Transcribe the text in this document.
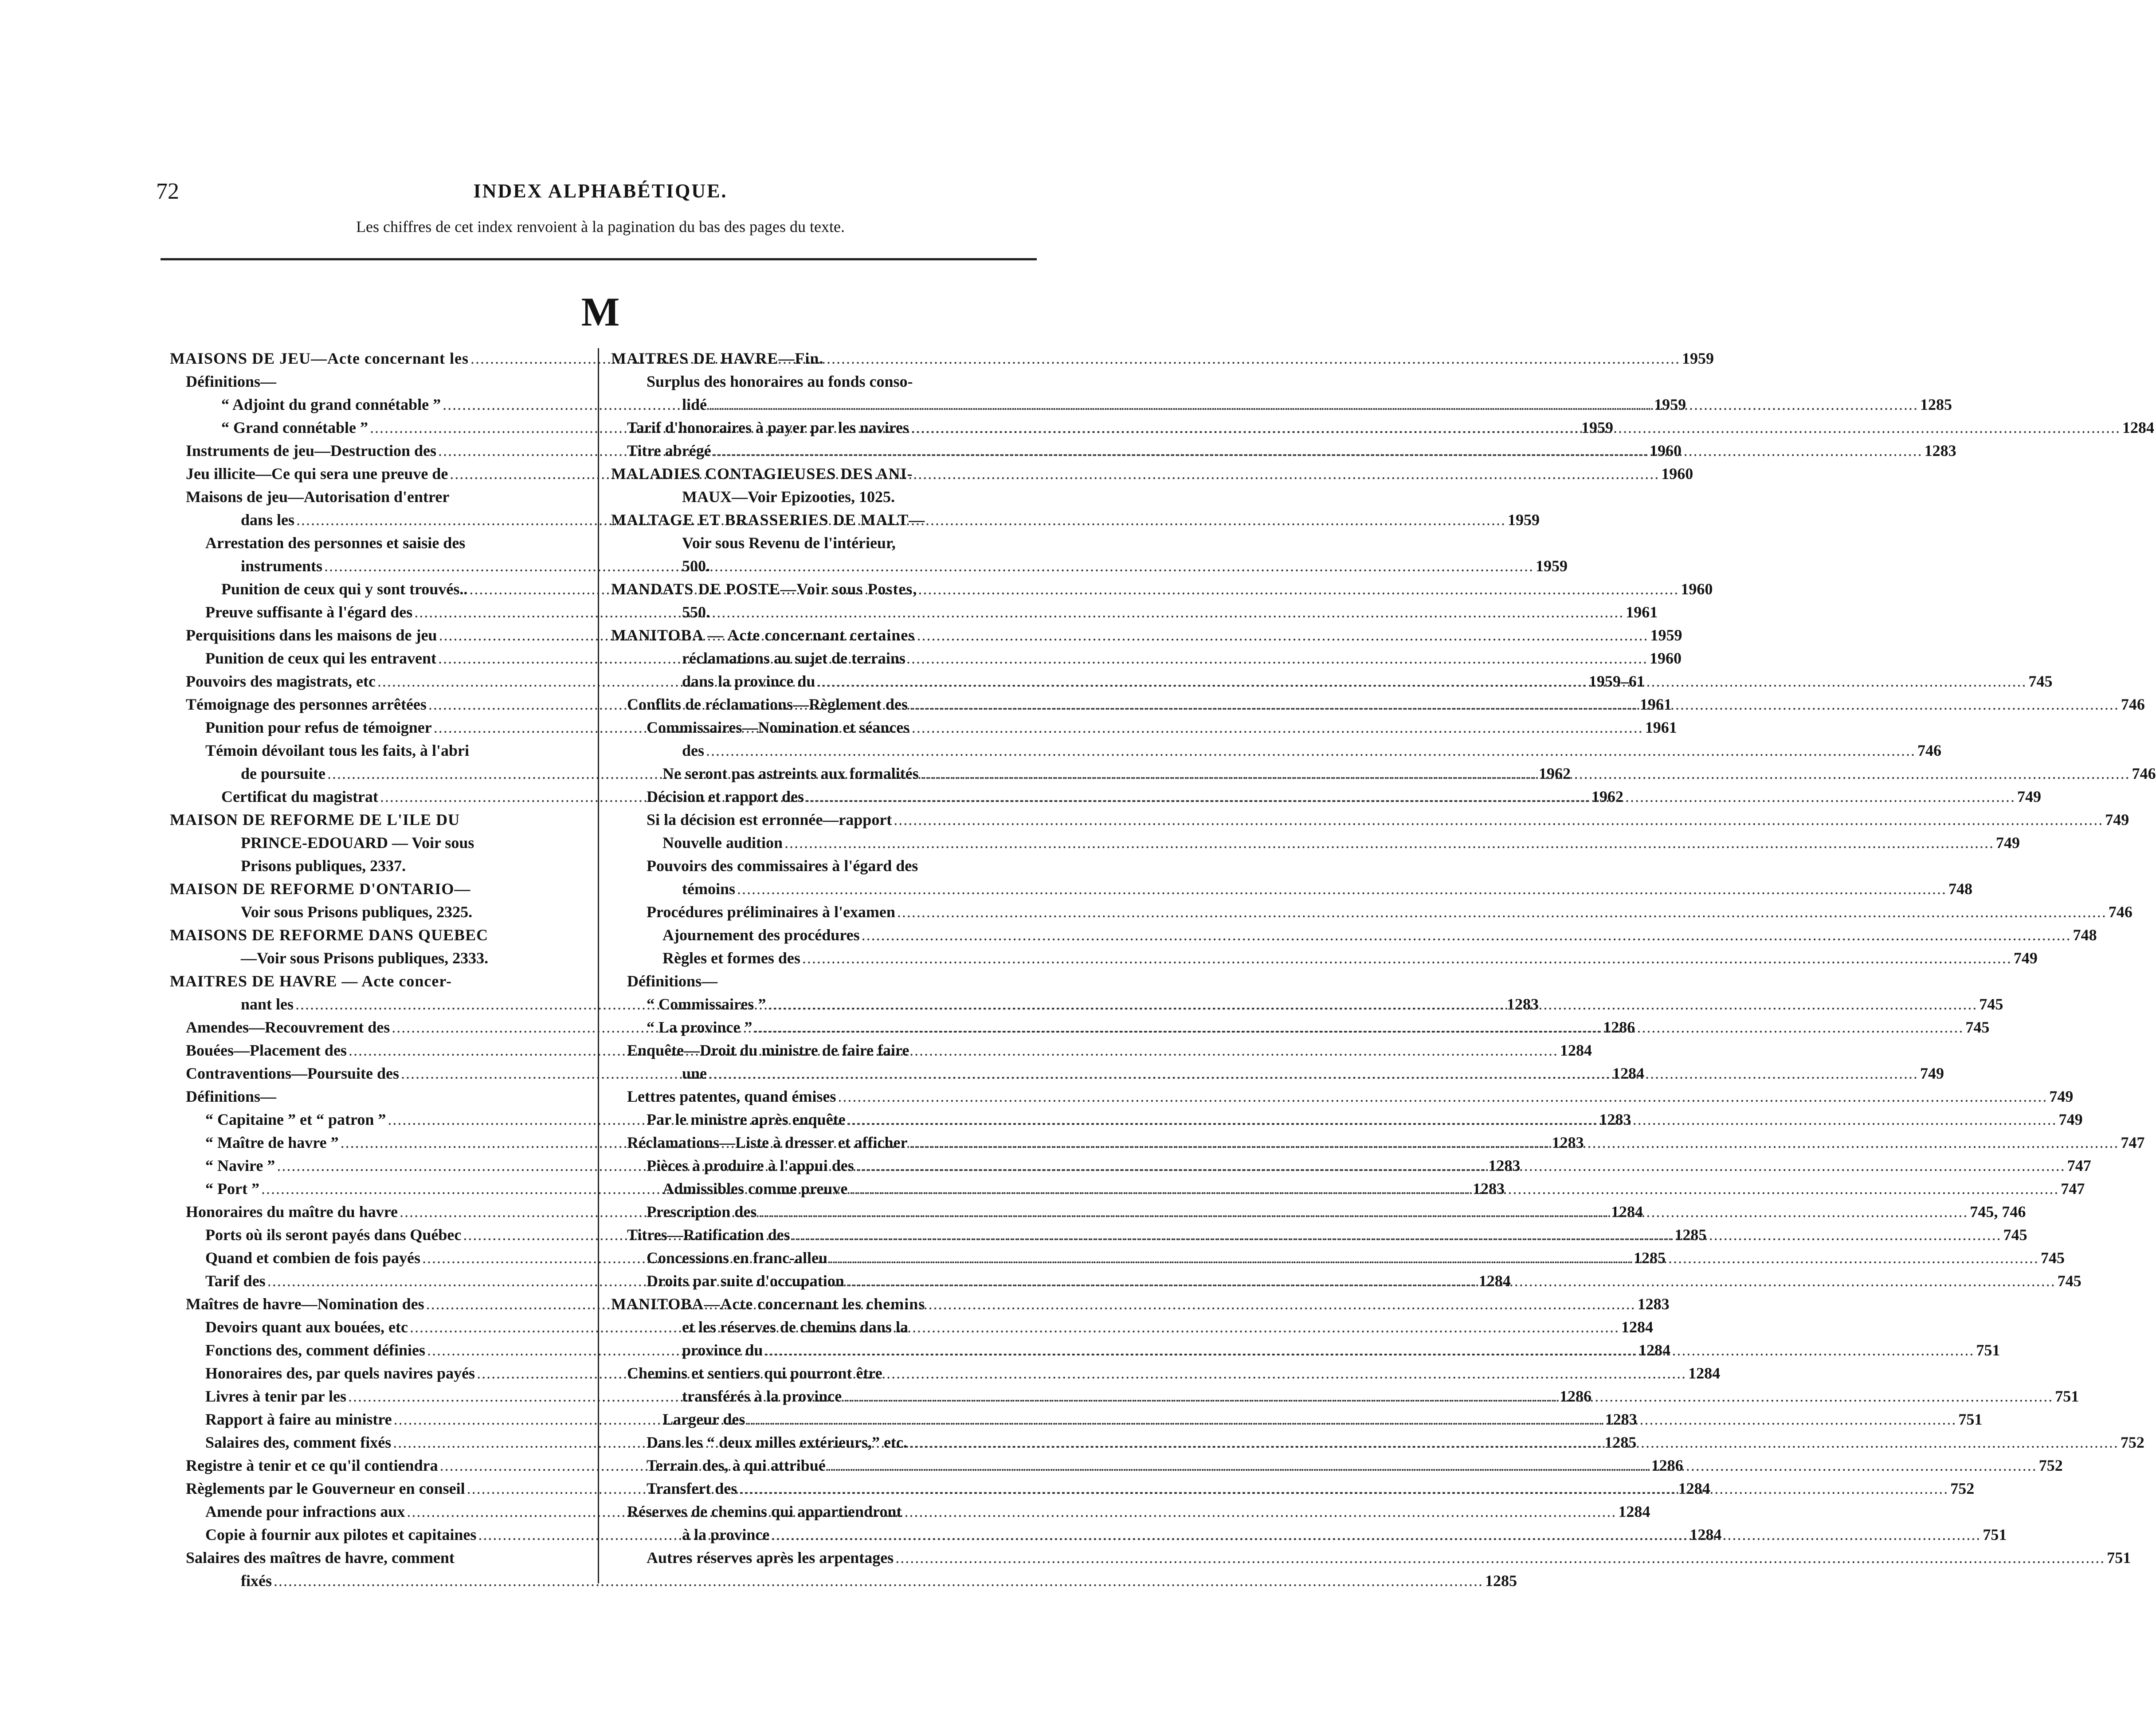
72	INDEX ALPHABÉTIQUE.
Les chiffres de cet index renvoient à la pagination du bas des pages du texte.
M
MAISONS DE JEU—Acte concernant les .....	1959
Définitions—
“ Adjoint du grand connétable ” .....	1959
“ Grand connétable ” .....	1959
Instruments de jeu—Destruction des .....	1960
Jeu illicite—Ce qui sera une preuve de .....	1960
Maisons de jeu—Autorisation d'entrer
dans les .....	1959
Arrestation des personnes et saisie des
instruments .....	1959
Punition de ceux qui y sont trouvés.. .....	1960
Preuve suffisante à l'égard des .....	1961
Perquisitions dans les maisons de jeu .....	1959
Punition de ceux qui les entravent .....	1960
Pouvoirs des magistrats, etc .....	1959–61
Témoignage des personnes arrêtées .....	1961
Punition pour refus de témoigner .....	1961
Témoin dévoilant tous les faits, à l'abri
de poursuite .....	1962
Certificat du magistrat .....	1962
MAISON DE REFORME DE L'ILE DU
PRINCE-EDOUARD — Voir sous
Prisons publiques, 2337.
MAISON DE REFORME D'ONTARIO—
Voir sous Prisons publiques, 2325.
MAISONS DE REFORME DANS QUEBEC
—Voir sous Prisons publiques, 2333.
MAITRES DE HAVRE — Acte concer-
nant les .....	1283
Amendes—Recouvrement des .....	1286
Bouées—Placement des .....	1284
Contraventions—Poursuite des .....	1284
Définitions—
“ Capitaine ” et “ patron ” .....	1283
“ Maître de havre ” .....	1283
“ Navire ” .....	1283
“ Port ” .....	1283
Honoraires du maître du havre .....	1284
Ports où ils seront payés dans Québec .....	1285
Quand et combien de fois payés .....	1285
Tarif des .....	1284
Maîtres de havre—Nomination des .....	1283
Devoirs quant aux bouées, etc .....	1284
Fonctions des, comment définies .....	1284
Honoraires des, par quels navires payés .....	1284
Livres à tenir par les .....	1286
Rapport à faire au ministre .....	1283
Salaires des, comment fixés .....	1285
Registre à tenir et ce qu'il contiendra .....	1286
Règlements par le Gouverneur en conseil .....	1284
Amende pour infractions aux .....	1284
Copie à fournir aux pilotes et capitaines .....	1284
Salaires des maîtres de havre, comment
fixés .....	1285
MAITRES DE HAVRE—Fin.
Surplus des honoraires au fonds conso-
lidé .....	1285
Tarif d'honoraires à payer par les navires .....	1284
Titre abrégé .....	1283
MALADIES CONTAGIEUSES DES ANI-
MAUX—Voir Epizooties, 1025.
MALTAGE ET BRASSERIES DE MALT—
Voir sous Revenu de l'intérieur,
500.
MANDATS DE POSTE—Voir sous Postes,
550.
MANITOBA — Acte concernant certaines
réclamations au sujet de terrains
dans la province du .....	745
Conflits de réclamations—Règlement des .....	746
Commissaires—Nomination et séances
des .....	746
Ne seront pas astreints aux formalités .....	746
Décision et rapport des .....	749
Si la décision est erronnée—rapport .....	749
Nouvelle audition .....	749
Pouvoirs des commissaires à l'égard des
témoins .....	748
Procédures préliminaires à l'examen .....	746
Ajournement des procédures .....	748
Règles et formes des .....	749
Définitions—
“ Commissaires ” .....	745
“ La province ” .....	745
Enquête—Droit du ministre de faire faire
une .....	749
Lettres patentes, quand émises .....	749
Par le ministre après enquête .....	749
Réclamations—Liste à dresser et afficher .....	747
Pièces à produire à l'appui des .....	747
Admissibles comme preuve .....	747
Prescription des .....	745, 746
Titres—Ratification des .....	745
Concessions en franc-alleu .....	745
Droits par suite d'occupation .....	745
MANITOBA—Acte concernant les chemins
et les réserves de chemins dans la
province du .....	751
Chemins et sentiers qui pourront être
transférés à la province .....	751
Largeur des .....	751
Dans les “ deux milles extérieurs,” etc. .....	752
Terrain des, à qui attribué .....	752
Transfert des .....	752
Réserves de chemins qui appartiendront
à la province .....	751
Autres réserves après les arpentages .....	751
